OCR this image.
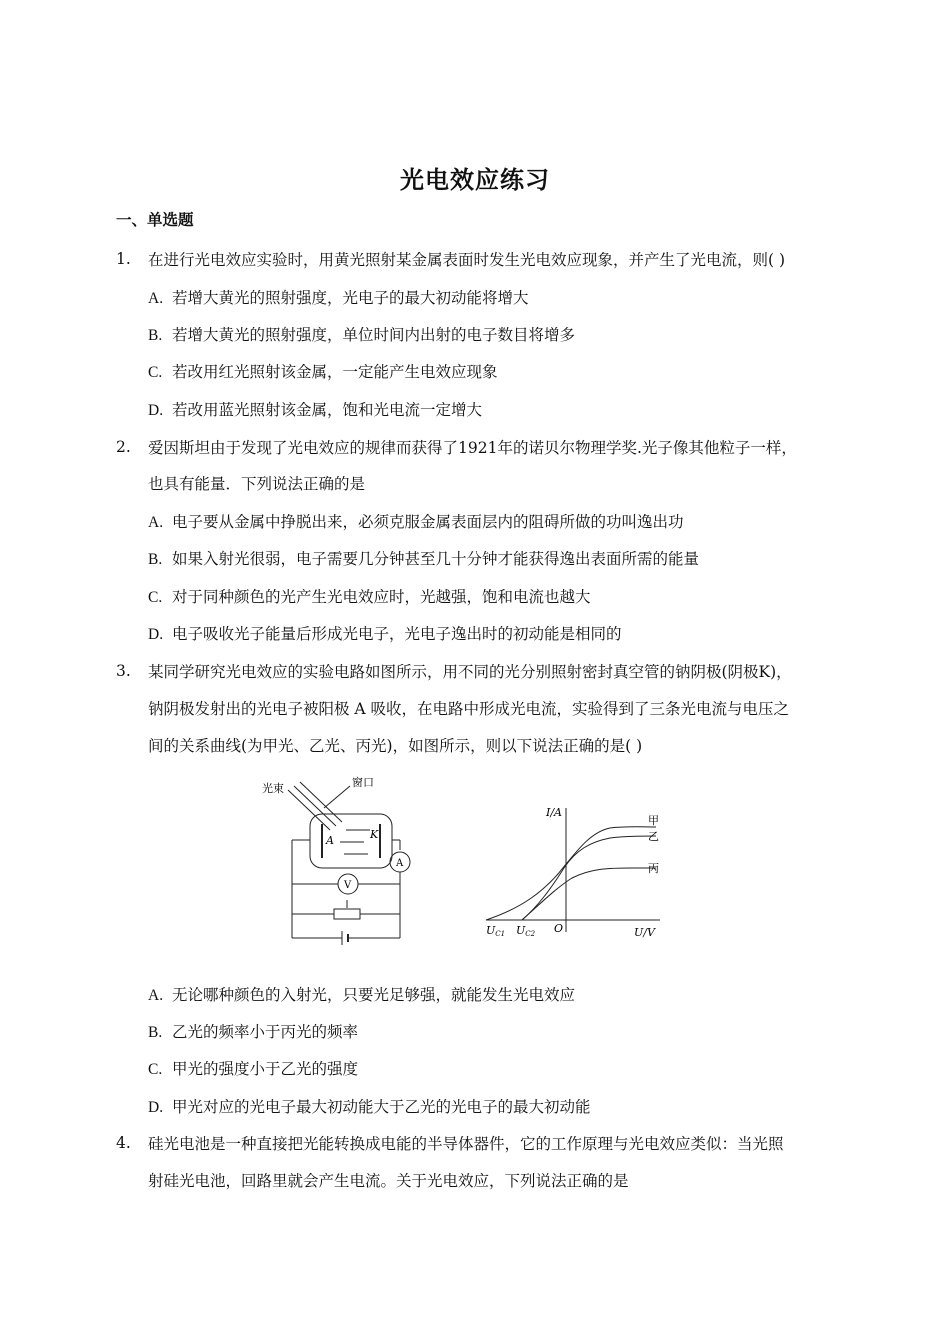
光电效应练习
一、单选题
1. 在进行光电效应实验时，用黄光照射某金属表面时发生光电效应现象，并产生了光电流，则( )
A. 若增大黄光的照射强度，光电子的最大初动能将增大
B. 若增大黄光的照射强度，单位时间内出射的电子数目将增多
C. 若改用红光照射该金属，一定能产生电效应现象
D. 若改用蓝光照射该金属，饱和光电流一定增大
2. 爱因斯坦由于发现了光电效应的规律而获得了1921年的诺贝尔物理学奖.光子像其他粒子一样，
也具有能量．下列说法正确的是
A. 电子要从金属中挣脱出来，必须克服金属表面层内的阻碍所做的功叫逸出功
B. 如果入射光很弱，电子需要几分钟甚至几十分钟才能获得逸出表面所需的能量
C. 对于同种颜色的光产生光电效应时，光越强，饱和电流也越大
D. 电子吸收光子能量后形成光电子，光电子逸出时的初动能是相同的
3. 某同学研究光电效应的实验电路如图所示，用不同的光分别照射密封真空管的钠阴极(阴极K)，
钠阴极发射出的光电子被阳极 A 吸收，在电路中形成光电流，实验得到了三条光电流与电压之
间的关系曲线(为甲光、乙光、丙光)，如图所示，则以下说法正确的是( )
光束	窗口
A	K
A
V
I/A
U/V
O
UC1 UC2
甲
乙
丙
A. 无论哪种颜色的入射光，只要光足够强，就能发生光电效应
B. 乙光的频率小于丙光的频率
C. 甲光的强度小于乙光的强度
D. 甲光对应的光电子最大初动能大于乙光的光电子的最大初动能
4. 硅光电池是一种直接把光能转换成电能的半导体器件，它的工作原理与光电效应类似：当光照
射硅光电池，回路里就会产生电流。关于光电效应，下列说法正确的是
